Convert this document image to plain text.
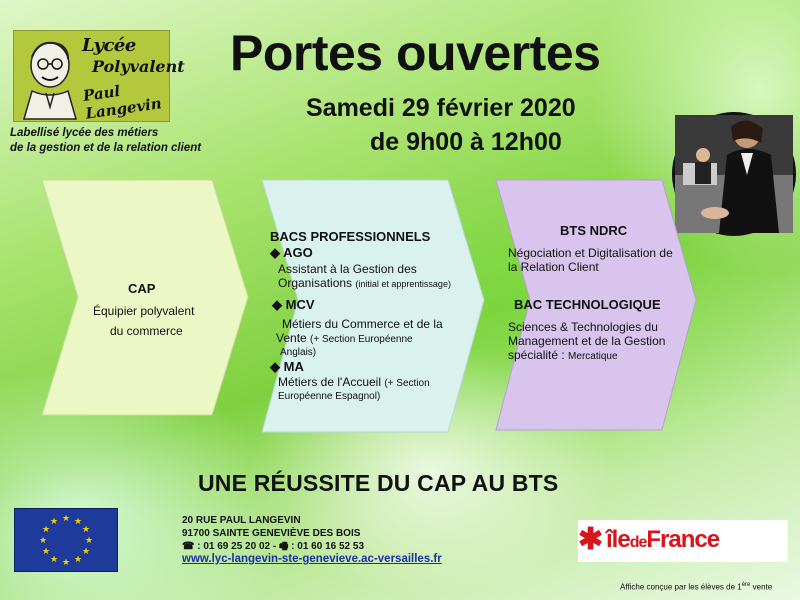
Lycée
Polyvalent
Paul Langevin
Labellisé lycée des métiers
de la gestion et de la relation client
Portes ouvertes
Samedi 29 février 2020
de 9h00 à 12h00
CAP
Équipier polyvalent
du commerce
BACS PROFESSIONNELS
◆ AGO
Assistant à la Gestion des
Organisations (initial et apprentissage)
◆ MCV
Métiers du Commerce et de la
Vente (+ Section Européenne
Anglais)
◆ MA
Métiers de l'Accueil (+ Section
Européenne Espagnol)
BTS NDRC
Négociation et Digitalisation de
la Relation Client
BAC TECHNOLOGIQUE
Sciences & Technologies du
Management et de la Gestion
spécialité : Mercatique
UNE RÉUSSITE DU CAP AU BTS
★ ★
★
★
★
★
★
★
★
★
★
★	20 RUE PAUL LANGEVIN
91700 SAINTE GENEVIÈVE DES BOIS
☎ : 01 69 25 20 02 - 🖷 : 01 60 16 52 53
www.lyc-langevin-ste-genevieve.ac-versailles.fr
✱ îledeFrance
Affiche conçue par les élèves de 1ère vente
